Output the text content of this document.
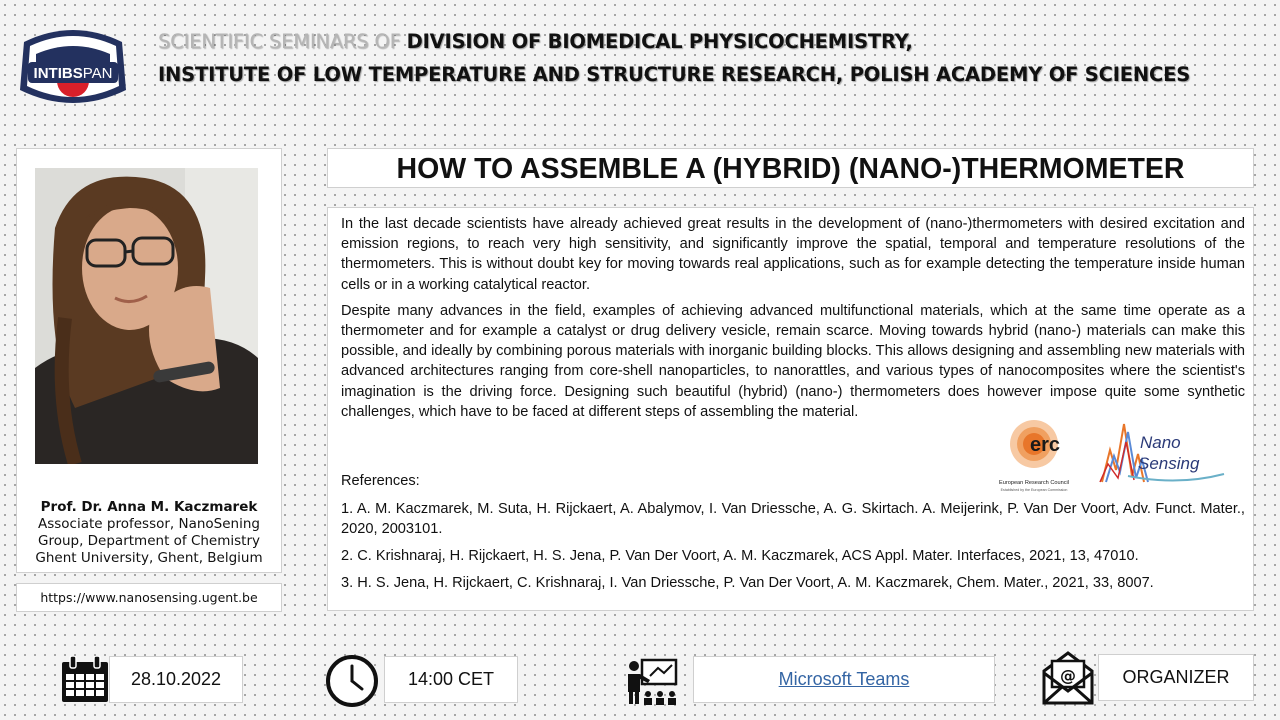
INTIBSPAN
SCIENTIFIC SEMINARS OF DIVISION OF BIOMEDICAL PHYSICOCHEMISTRY,
INSTITUTE OF LOW TEMPERATURE AND STRUCTURE RESEARCH, POLISH ACADEMY OF SCIENCES
Prof. Dr. Anna M. Kaczmarek
Associate professor, NanoSening
Group, Department of Chemistry
Ghent University, Ghent, Belgium
https://www.nanosensing.ugent.be
HOW TO ASSEMBLE A (HYBRID) (NANO-)THERMOMETER

In the last decade scientists have already achieved great results in the development of (nano-)thermometers with desired excitation and emission regions, to reach very high sensitivity, and significantly improve the spatial, temporal and temperature resolutions of the thermometers. This is without doubt key for moving towards real applications, such as for example detecting the temperature inside human cells or in a working catalytical reactor.

Despite many advances in the field, examples of achieving advanced multifunctional materials, which at the same time operate as a thermometer and for example a catalyst or drug delivery vesicle, remain scarce. Moving towards hybrid (nano-) materials can make this possible, and ideally by combining porous materials with inorganic building blocks. This allows designing and assembling new materials with advanced architectures ranging from core-shell nanoparticles, to nanorattles, and various types of nanocomposites where the scientist's imagination is the driving force. Designing such beautiful (hybrid) (nano-) thermometers does however impose quite some synthetic challenges, which have to be faced at different steps of assembling the material.

erc
European Research Council
Established by the European Commission
Nano
Sensing

References:

1. A. M. Kaczmarek, M. Suta, H. Rijckaert, A. Abalymov, I. Van Driessche, A. G. Skirtach. A. Meijerink, P. Van Der Voort, Adv. Funct. Mater., 2020, 2003101.

2. C. Krishnaraj, H. Rijckaert, H. S. Jena, P. Van Der Voort, A. M. Kaczmarek, ACS Appl. Mater. Interfaces, 2021, 13, 47010.

3. H. S. Jena, H. Rijckaert, C. Krishnaraj, I. Van Driessche, P. Van Der Voort, A. M. Kaczmarek, Chem. Mater., 2021, 33, 8007.

28.10.2022	14:00 CET	Microsoft Teams	@	ORGANIZER
